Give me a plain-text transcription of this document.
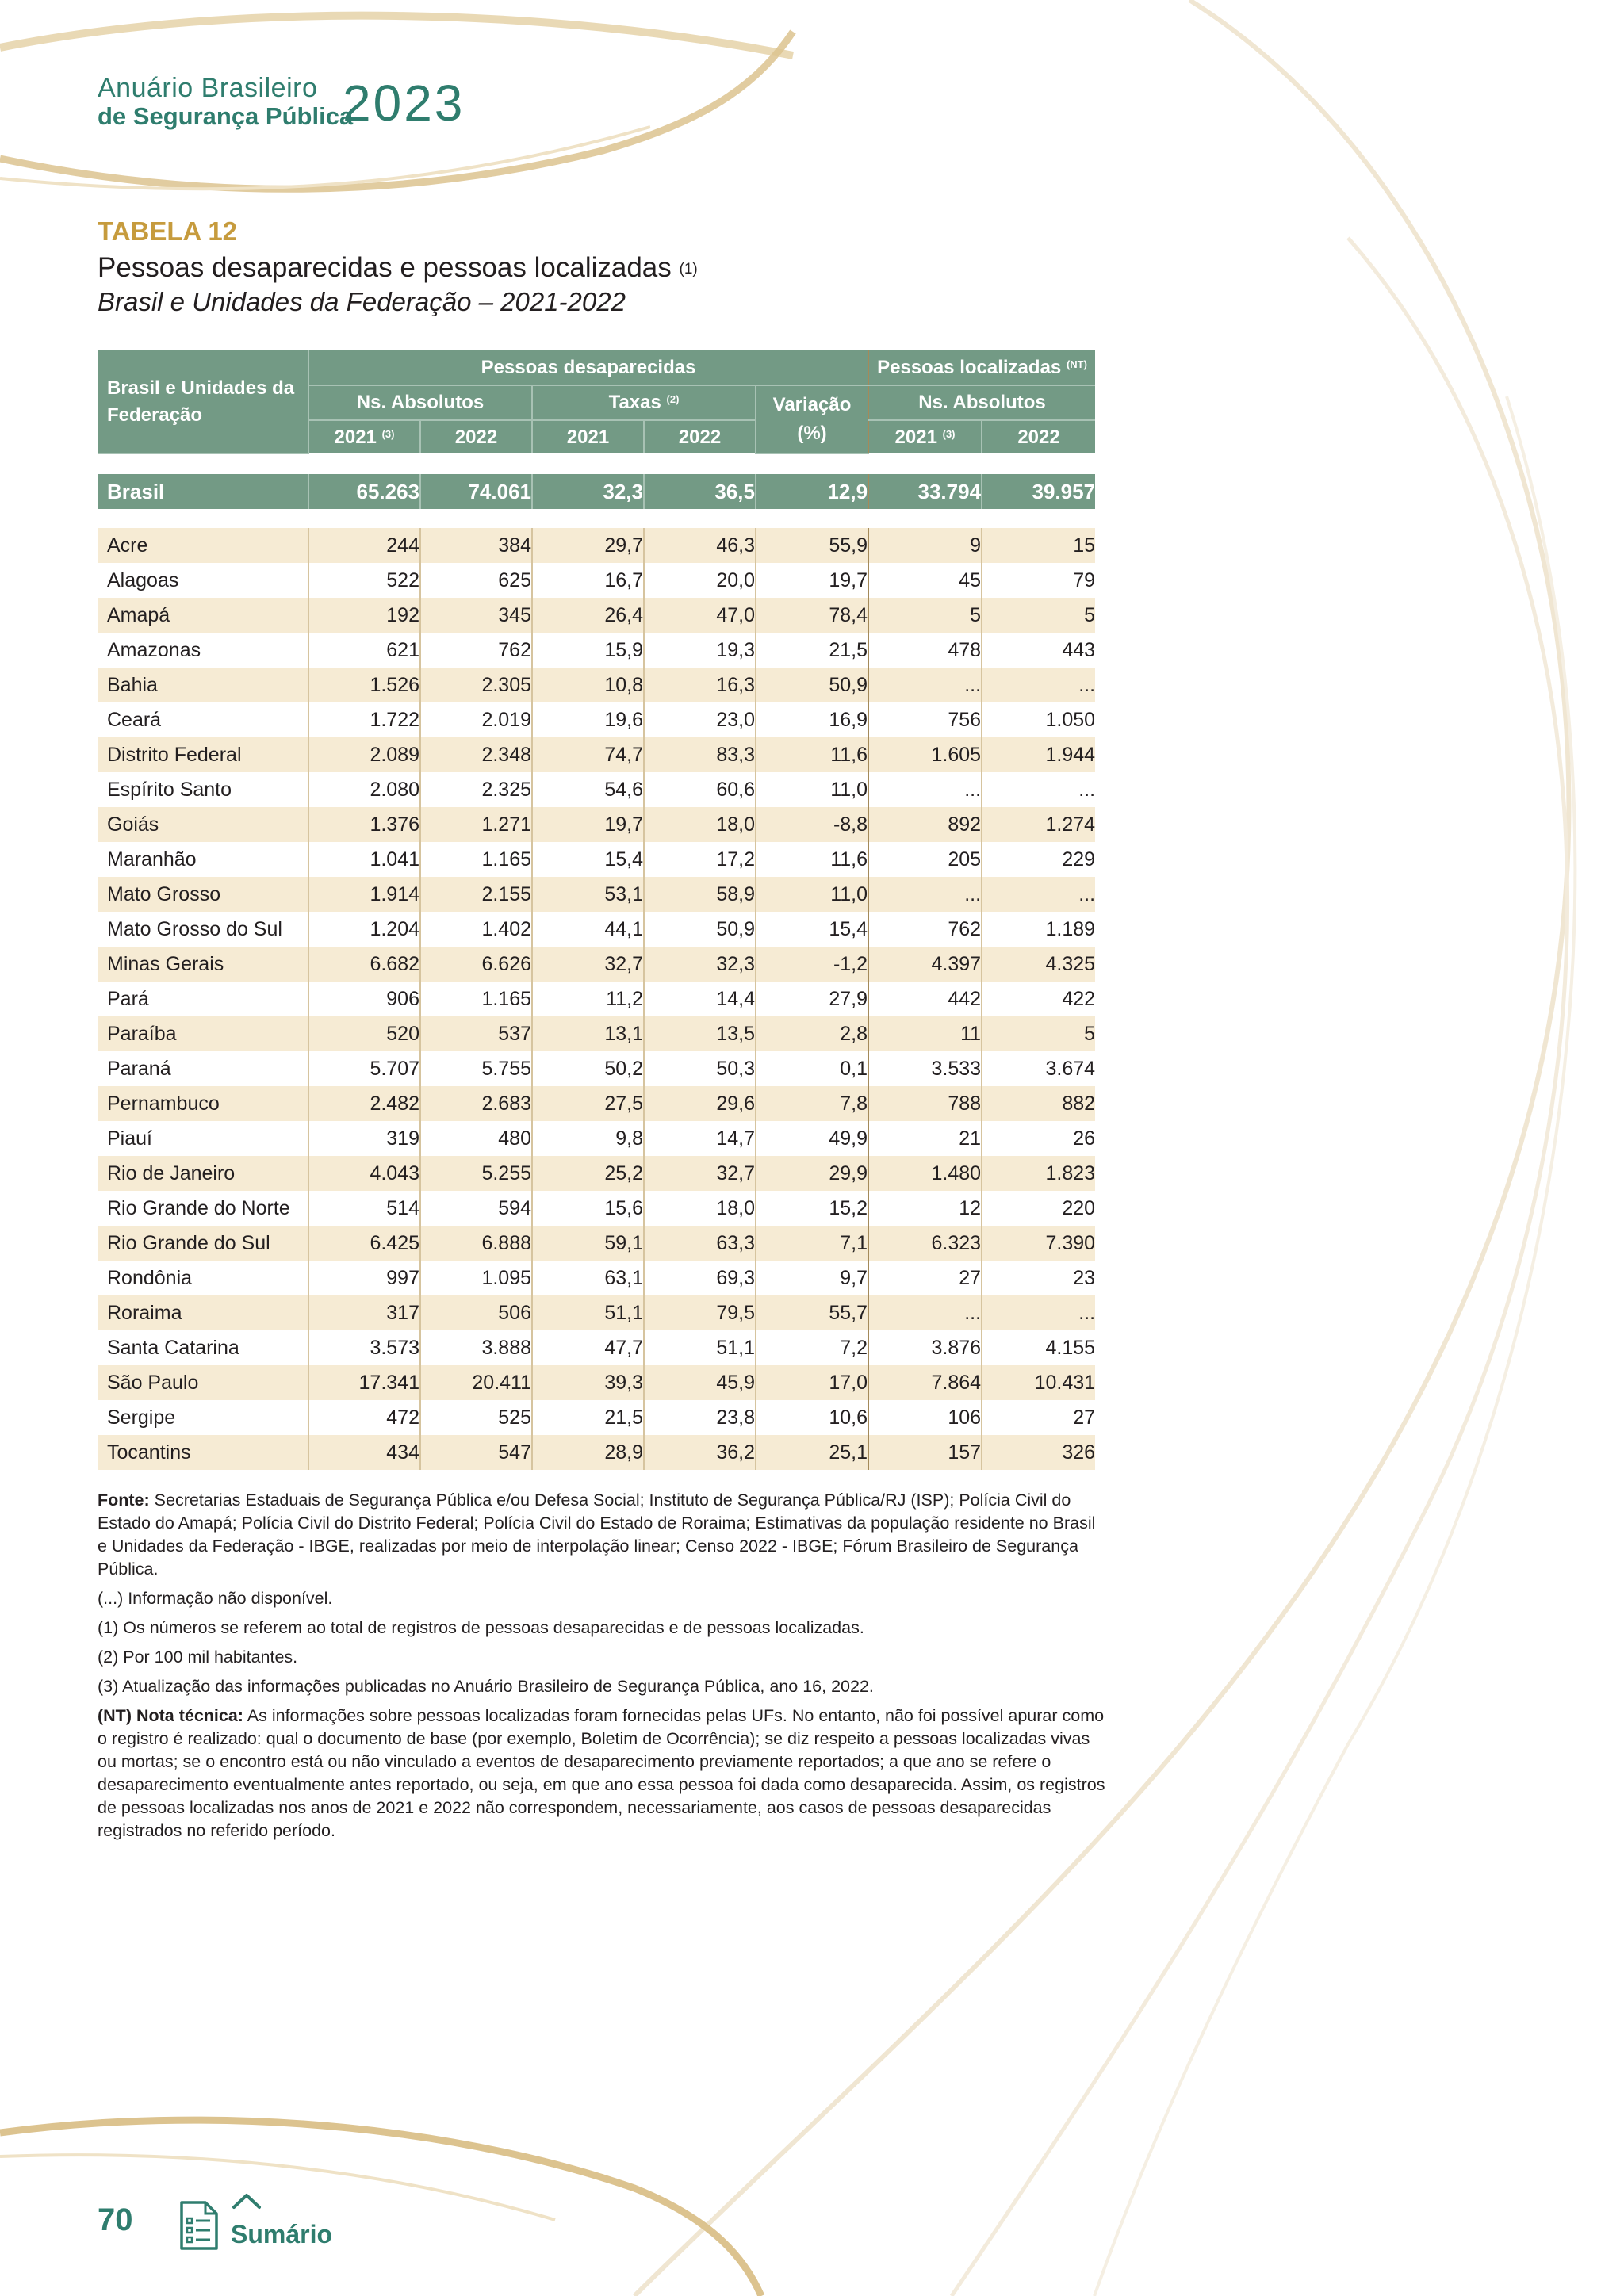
Anuário Brasileiro
de Segurança Pública
2023
TABELA 12
Pessoas desaparecidas e pessoas localizadas $^{(1)}$
Brasil e Unidades da Federação – 2021-2022
Brasil e Unidades da Federação	Pessoas desaparecidas					Pessoas localizadas $^{(NT)}$
	Ns. Absolutos		Taxas $^{(2)}$		Variação (%)	Ns. Absolutos	
	2021 $^{(3)}$	2022	2021	2022		2021 $^{(3)}$	2022

Brasil	65.263	74.061	32,3	36,5	12,9	33.794	39.957

Acre	244	384	29,7	46,3	55,9	9	15
Alagoas	522	625	16,7	20,0	19,7	45	79
Amapá	192	345	26,4	47,0	78,4	5	5
Amazonas	621	762	15,9	19,3	21,5	478	443
Bahia	1.526	2.305	10,8	16,3	50,9	...	...
Ceará	1.722	2.019	19,6	23,0	16,9	756	1.050
Distrito Federal	2.089	2.348	74,7	83,3	11,6	1.605	1.944
Espírito Santo	2.080	2.325	54,6	60,6	11,0	...	...
Goiás	1.376	1.271	19,7	18,0	-8,8	892	1.274
Maranhão	1.041	1.165	15,4	17,2	11,6	205	229
Mato Grosso	1.914	2.155	53,1	58,9	11,0	...	...
Mato Grosso do Sul	1.204	1.402	44,1	50,9	15,4	762	1.189
Minas Gerais	6.682	6.626	32,7	32,3	-1,2	4.397	4.325
Pará	906	1.165	11,2	14,4	27,9	442	422
Paraíba	520	537	13,1	13,5	2,8	11	5
Paraná	5.707	5.755	50,2	50,3	0,1	3.533	3.674
Pernambuco	2.482	2.683	27,5	29,6	7,8	788	882
Piauí	319	480	9,8	14,7	49,9	21	26
Rio de Janeiro	4.043	5.255	25,2	32,7	29,9	1.480	1.823
Rio Grande do Norte	514	594	15,6	18,0	15,2	12	220
Rio Grande do Sul	6.425	6.888	59,1	63,3	7,1	6.323	7.390
Rondônia	997	1.095	63,1	69,3	9,7	27	23
Roraima	317	506	51,1	79,5	55,7	...	...
Santa Catarina	3.573	3.888	47,7	51,1	7,2	3.876	4.155
São Paulo	17.341	20.411	39,3	45,9	17,0	7.864	10.431
Sergipe	472	525	21,5	23,8	10,6	106	27
Tocantins	434	547	28,9	36,2	25,1	157	326

Fonte: Secretarias Estaduais de Segurança Pública e/ou Defesa Social; Instituto de Segurança Pública/RJ (ISP); Polícia Civil do Estado do Amapá; Polícia Civil do Distrito Federal; Polícia Civil do Estado de Roraima; Estimativas da população residente no Brasil e Unidades da Federação - IBGE, realizadas por meio de interpolação linear; Censo 2022 - IBGE; Fórum Brasileiro de Segurança Pública.

(...) Informação não disponível.

(1) Os números se referem ao total de registros de pessoas desaparecidas e de pessoas localizadas.

(2) Por 100 mil habitantes.

(3) Atualização das informações publicadas no Anuário Brasileiro de Segurança Pública, ano 16, 2022.

(NT) Nota técnica: As informações sobre pessoas localizadas foram fornecidas pelas UFs. No entanto, não foi possível apurar como o registro é realizado: qual o documento de base (por exemplo, Boletim de Ocorrência); se diz respeito a pessoas localizadas vivas ou mortas; se o encontro está ou não vinculado a eventos de desaparecimento previamente reportados; a que ano se refere o desaparecimento eventualmente antes reportado, ou seja, em que ano essa pessoa foi dada como desaparecida. Assim, os registros de pessoas localizadas nos anos de 2021 e 2022 não correspondem, necessariamente, aos casos de pessoas desaparecidas registrados no referido período.

70	Sumário
